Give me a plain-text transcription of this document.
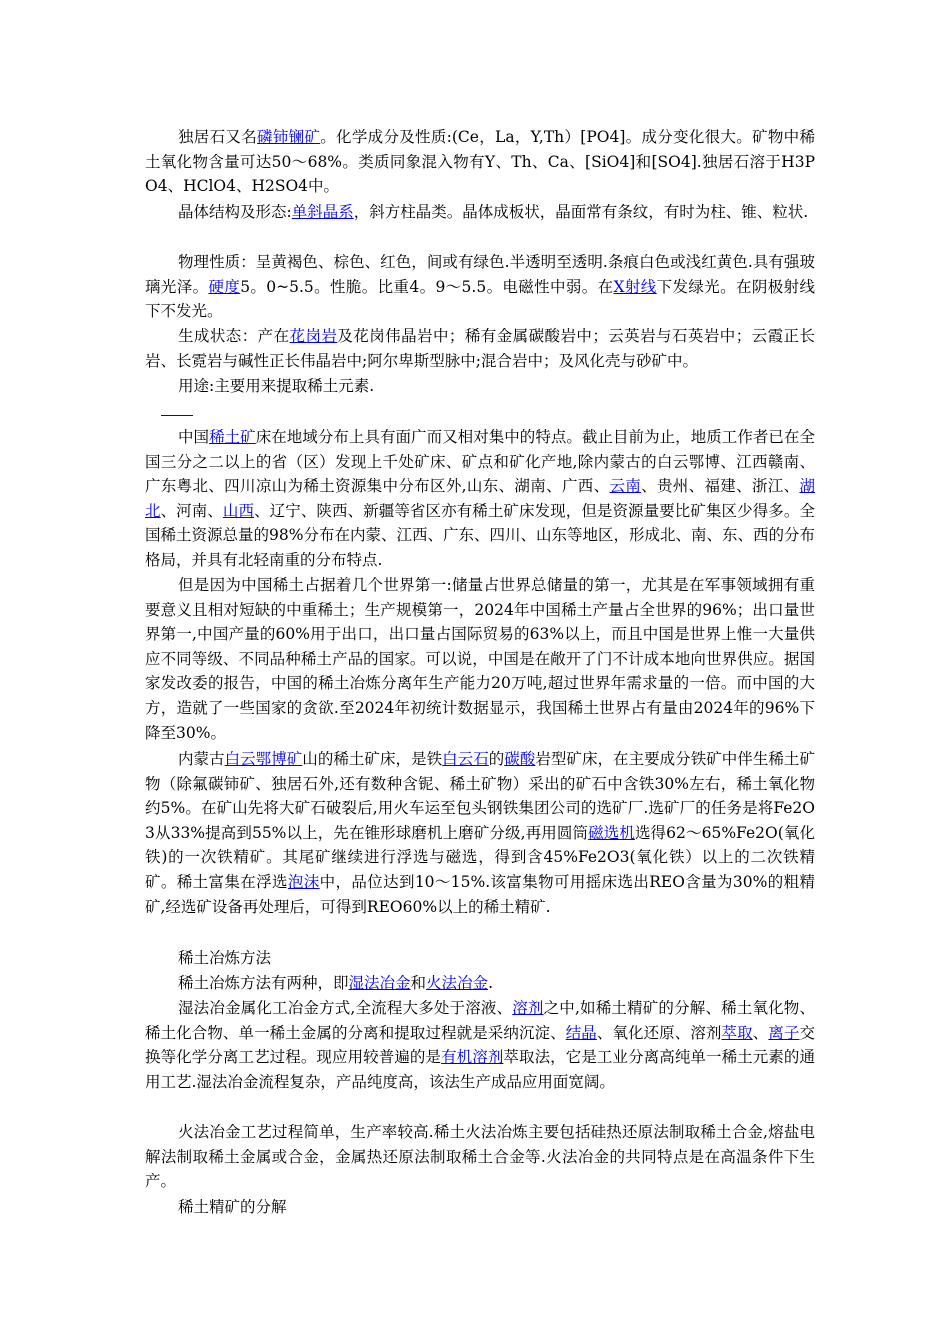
独居石又名磷铈镧矿。化学成分及性质:(Ce，La，Y,Th）[PO4]。成分变化很大。矿物中稀土氧化物含量可达50～68%。类质同象混入物有Y、Th、Ca、[SiO4]和[SO4].独居石溶于H3PO4、HClO4、H2SO4中。

晶体结构及形态:单斜晶系，斜方柱晶类。晶体成板状，晶面常有条纹，有时为柱、锥、粒状.

物理性质：呈黄褐色、棕色、红色，间或有绿色.半透明至透明.条痕白色或浅红黄色.具有强玻璃光泽。硬度5。0~5.5。性脆。比重4。9～5.5。电磁性中弱。在X射线下发绿光。在阴极射线下不发光。

生成状态：产在花岗岩及花岗伟晶岩中；稀有金属碳酸岩中；云英岩与石英岩中；云霞正长岩、长霓岩与碱性正长伟晶岩中;阿尔卑斯型脉中;混合岩中；及风化壳与砂矿中。

用途:主要用来提取稀土元素.

中国稀土矿床在地域分布上具有面广而又相对集中的特点。截止目前为止，地质工作者已在全国三分之二以上的省（区）发现上千处矿床、矿点和矿化产地,除内蒙古的白云鄂博、江西赣南、广东粤北、四川凉山为稀土资源集中分布区外,山东、湖南、广西、云南、贵州、福建、浙江、湖北、河南、山西、辽宁、陕西、新疆等省区亦有稀土矿床发现，但是资源量要比矿集区少得多。全国稀土资源总量的98%分布在内蒙、江西、广东、四川、山东等地区，形成北、南、东、西的分布格局，并具有北轻南重的分布特点.

但是因为中国稀土占据着几个世界第一:储量占世界总储量的第一，尤其是在军事领域拥有重要意义且相对短缺的中重稀土；生产规模第一，2024年中国稀土产量占全世界的96%；出口量世界第一,中国产量的60%用于出口，出口量占国际贸易的63%以上，而且中国是世界上惟一大量供应不同等级、不同品种稀土产品的国家。可以说，中国是在敞开了门不计成本地向世界供应。据国家发改委的报告，中国的稀土冶炼分离年生产能力20万吨,超过世界年需求量的一倍。而中国的大方，造就了一些国家的贪欲.至2024年初统计数据显示，我国稀土世界占有量由2024年的96%下降至30%。

内蒙古白云鄂博矿山的稀土矿床，是铁白云石的碳酸岩型矿床，在主要成分铁矿中伴生稀土矿物（除氟碳铈矿、独居石外,还有数种含铌、稀土矿物）采出的矿石中含铁30%左右，稀土氧化物约5%。在矿山先将大矿石破裂后,用火车运至包头钢铁集团公司的选矿厂.选矿厂的任务是将Fe2O3从33%提高到55%以上，先在锥形球磨机上磨矿分级,再用圆筒磁选机选得62～65%Fe2O(氧化铁)的一次铁精矿。其尾矿继续进行浮选与磁选，得到含45%Fe2O3(氧化铁）以上的二次铁精矿。稀土富集在浮选泡沫中，品位达到10～15%.该富集物可用摇床选出REO含量为30%的粗精矿,经选矿设备再处理后，可得到REO60%以上的稀土精矿.

稀土冶炼方法

稀土冶炼方法有两种，即湿法冶金和火法冶金.

湿法冶金属化工冶金方式,全流程大多处于溶液、溶剂之中,如稀土精矿的分解、稀土氧化物、稀土化合物、单一稀土金属的分离和提取过程就是采纳沉淀、结晶、氧化还原、溶剂萃取、离子交换等化学分离工艺过程。现应用较普遍的是有机溶剂萃取法，它是工业分离高纯单一稀土元素的通用工艺.湿法冶金流程复杂，产品纯度高，该法生产成品应用面宽阔。

火法冶金工艺过程简单，生产率较高.稀土火法冶炼主要包括硅热还原法制取稀土合金,熔盐电解法制取稀土金属或合金，金属热还原法制取稀土合金等.火法冶金的共同特点是在高温条件下生产。

稀土精矿的分解
